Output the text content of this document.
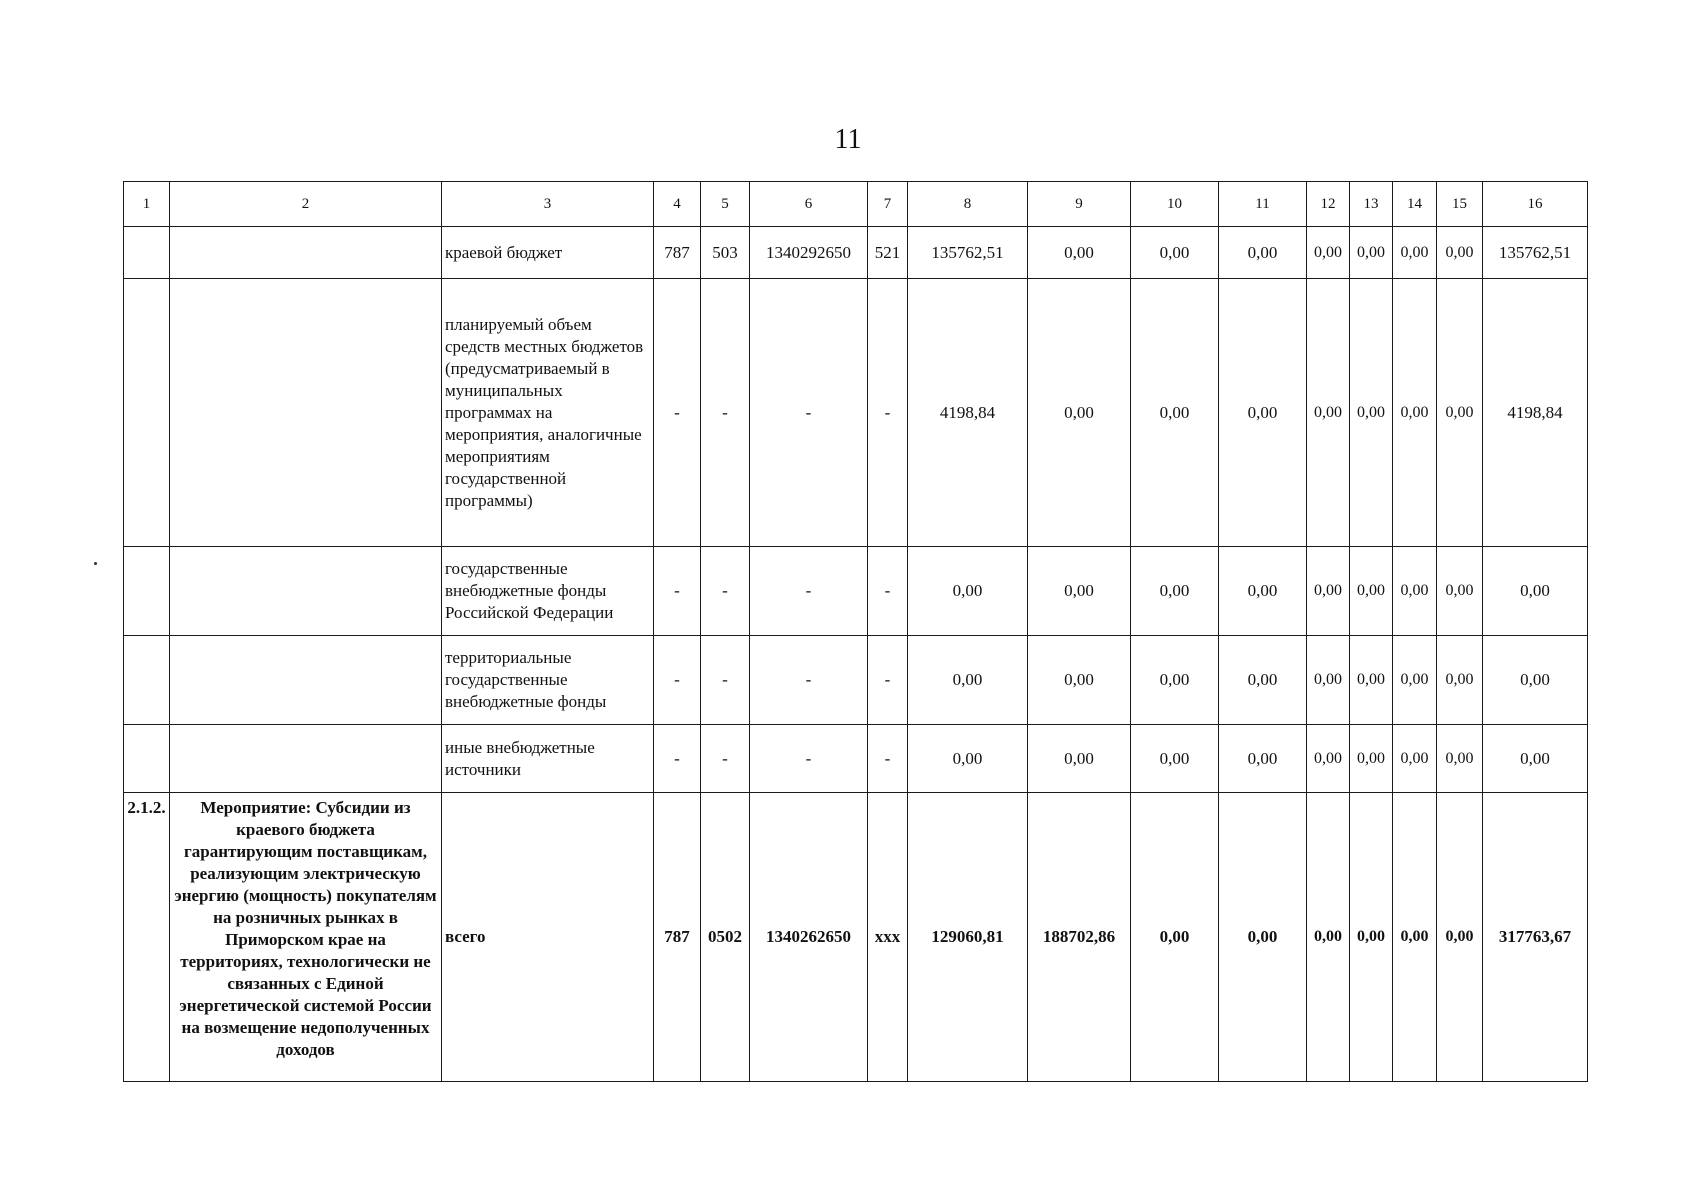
11
1	2	3	4	5	6	7	8	9	10	11	12	13	14	15	16
		краевой бюджет	787	503	1340292650	521	135762,51	0,00	0,00	0,00	0,00	0,00	0,00	0,00	135762,51
		планируемый объем средств местных бюджетов (предусматриваемый в муниципальных программах на мероприятия, аналогичные мероприятиям государственной программы)	-	-	-	-	4198,84	0,00	0,00	0,00	0,00	0,00	0,00	0,00	4198,84
		государственные внебюджетные фонды Российской Федерации	-	-	-	-	0,00	0,00	0,00	0,00	0,00	0,00	0,00	0,00	0,00
		территориальные государственные внебюджетные фонды	-	-	-	-	0,00	0,00	0,00	0,00	0,00	0,00	0,00	0,00	0,00
		иные внебюджетные источники	-	-	-	-	0,00	0,00	0,00	0,00	0,00	0,00	0,00	0,00	0,00
2.1.2.	Мероприятие: Субсидии из краевого бюджета гарантирующим поставщикам, реализующим электрическую энергию (мощность) покупателям на розничных рынках в Приморском крае на территориях, технологически не связанных с Единой энергетической системой России на возмещение недополученных доходов	всего	787	0502	1340262650	ххх	129060,81	188702,86	0,00	0,00	0,00	0,00	0,00	0,00	317763,67
